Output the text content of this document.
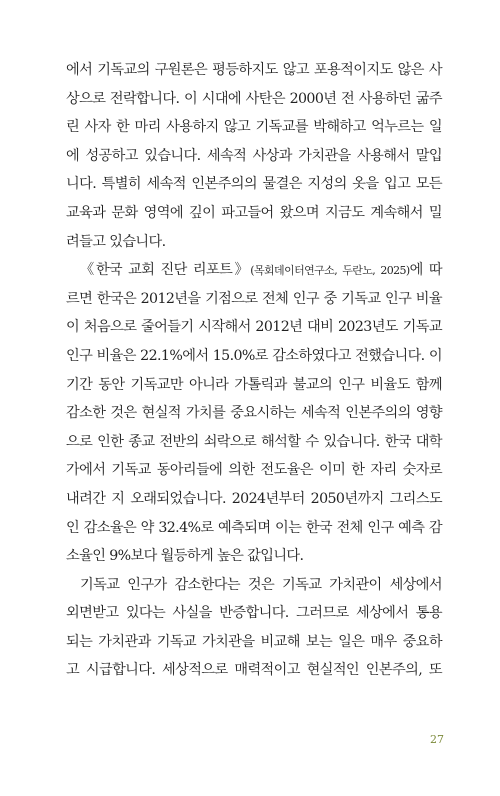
에서 기독교의 구원론은 평등하지도 않고 포용적이지도 않은 사
상으로 전락합니다. 이 시대에 사탄은 2000년 전 사용하던 굶주
린 사자 한 마리 사용하지 않고 기독교를 박해하고 억누르는 일
에 성공하고 있습니다. 세속적 사상과 가치관을 사용해서 말입
니다. 특별히 세속적 인본주의의 물결은 지성의 옷을 입고 모든
교육과 문화 영역에 깊이 파고들어 왔으며 지금도 계속해서 밀
려들고 있습니다.
《한국 교회 진단 리포트》(목회데이터연구소, 두란노, 2025)에 따
르면 한국은 2012년을 기점으로 전체 인구 중 기독교 인구 비율
이 처음으로 줄어들기 시작해서 2012년 대비 2023년도 기독교
인구 비율은 22.1%에서 15.0%로 감소하였다고 전했습니다. 이
기간 동안 기독교만 아니라 가톨릭과 불교의 인구 비율도 함께
감소한 것은 현실적 가치를 중요시하는 세속적 인본주의의 영향
으로 인한 종교 전반의 쇠락으로 해석할 수 있습니다. 한국 대학
가에서 기독교 동아리들에 의한 전도율은 이미 한 자리 숫자로
내려간 지 오래되었습니다. 2024년부터 2050년까지 그리스도
인 감소율은 약 32.4%로 예측되며 이는 한국 전체 인구 예측 감
소율인 9%보다 월등하게 높은 값입니다.
기독교 인구가 감소한다는 것은 기독교 가치관이 세상에서
외면받고 있다는 사실을 반증합니다. 그러므로 세상에서 통용
되는 가치관과 기독교 가치관을 비교해 보는 일은 매우 중요하
고 시급합니다. 세상적으로 매력적이고 현실적인 인본주의, 또
27
